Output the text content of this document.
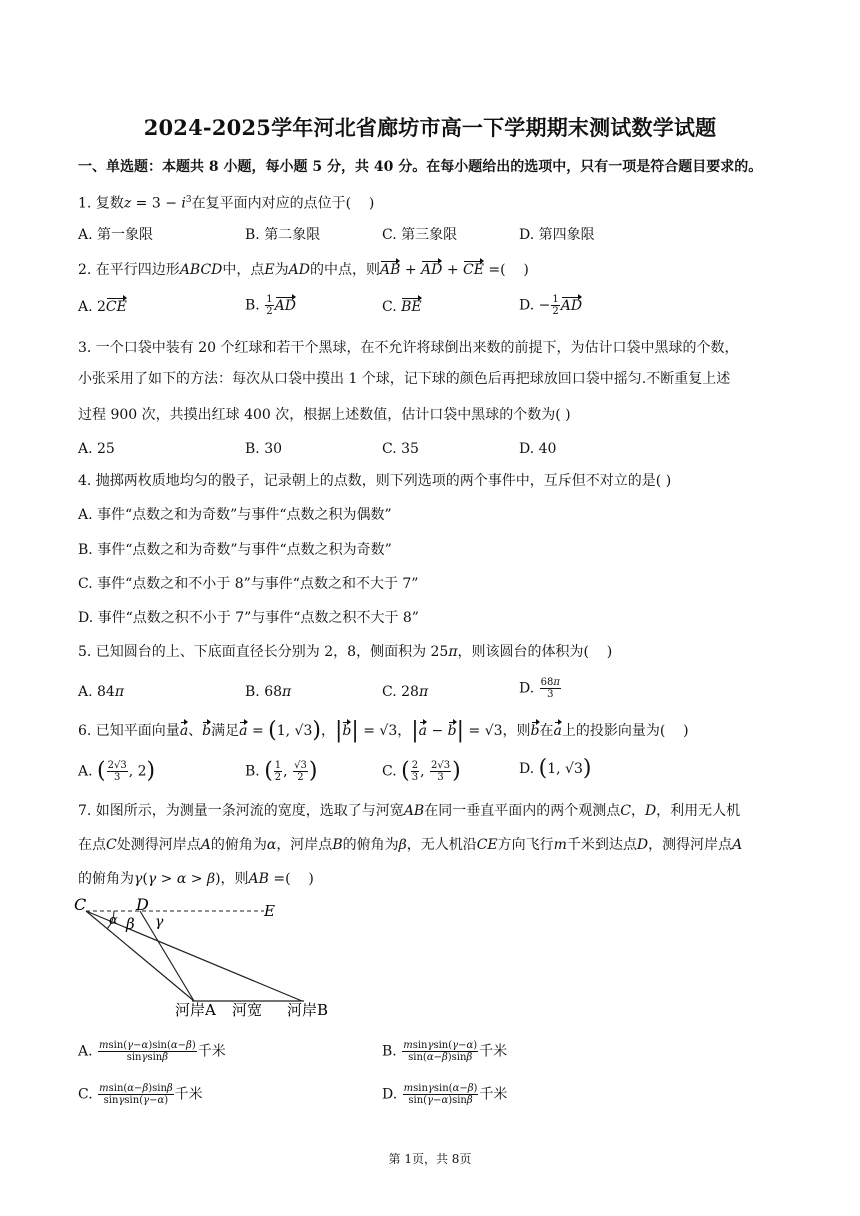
2024-2025学年河北省廊坊市高一下学期期末测试数学试题
一、单选题：本题共 8 小题，每小题 5 分，共 40 分。在每小题给出的选项中，只有一项是符合题目要求的。
1. 复数$z = 3 - i^3$在复平面内对应的点位于(    )
A. 第一象限	B. 第二象限	C. 第三象限	D. 第四象限
2. 在平行四边形ABCD中，点E为AD的中点，则AB + AD + CE =(    )
A. 2CE	B. $\frac{1}{2}$ AD	C. BE	D. − $\frac{1}{2}$ AD
3. 一个口袋中装有 20 个红球和若干个黑球，在不允许将球倒出来数的前提下，为估计口袋中黑球的个数，
小张采用了如下的方法：每次从口袋中摸出 1 个球，记下球的颜色后再把球放回口袋中摇匀.不断重复上述
过程 900 次，共摸出红球 400 次，根据上述数值，估计口袋中黑球的个数为( )
A. 25	B. 30	C. 35	D. 40
4. 抛掷两枚质地均匀的骰子，记录朝上的点数，则下列选项的两个事件中，互斥但不对立的是( )
A. 事件“点数之和为奇数”与事件“点数之积为偶数”
B. 事件“点数之和为奇数”与事件“点数之积为奇数”
C. 事件“点数之和不小于 8”与事件“点数之和不大于 7”
D. 事件“点数之积不小于 7”与事件“点数之积不大于 8”
5. 已知圆台的上、下底面直径长分别为 2，8，侧面积为 25π，则该圆台的体积为(    )
A. 84π	B. 68π	C. 28π	D. $\frac{68\pi}{3}$
6. 已知平面向量a、b满足a = (1, √3)，|b| = √3，|a − b| = √3，则b在a上的投影向量为(    )
A. ( $\frac{2√3}{3}$ , 2)	B. ( $\frac{1}{2}$ , $\frac{√3}{2}$ )	C. ( $\frac{2}{3}$ , $\frac{2√3}{3}$ )	D. (1, √3)
7. 如图所示，为测量一条河流的宽度，选取了与河宽AB在同一垂直平面内的两个观测点C，D，利用无人机
在点C处测得河岸点A的俯角为α，河岸点B的俯角为β，无人机沿CE方向飞行m千米到达点D，测得河岸点A
的俯角为γ(γ > α > β)，则AB =(    )
C	D	E
α β γ
河岸A 河宽 河岸B
A. $\frac{msin(\gamma-\alpha)\sin(\alpha-\beta)}{\sin\gamma\sin\beta}$ 千米	B. $\frac{msin\gamma\sin(\gamma-\alpha)}{\sin(\alpha-\beta)\sin\beta}$ 千米
C. $\frac{msin(\alpha-\beta)\sin\beta}{\sin\gamma\sin(\gamma-\alpha)}$ 千米	D. $\frac{msin\gamma\sin(\alpha-\beta)}{\sin(\gamma-\alpha)\sin\beta}$ 千米
第 1页，共 8页
